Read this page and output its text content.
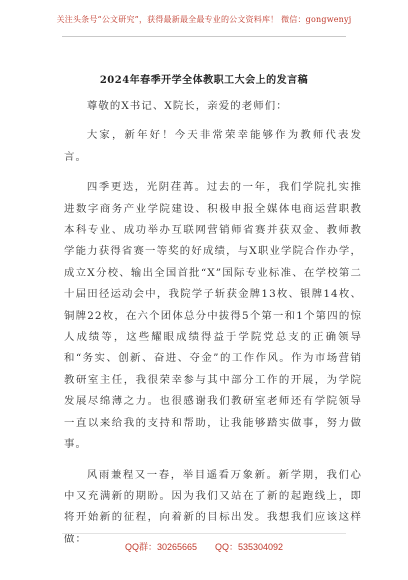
关注头条号“公文研究”，获得最新最全最专业的公文资料库！ 微信：gongwenyj
2024年春季开学全体教职工大会上的发言稿

尊敬的X书记、X院长，亲爱的老师们：

大家，新年好！今天非常荣幸能够作为教师代表发言。

四季更迭，光阴荏苒。过去的一年，我们学院扎实推进数字商务产业学院建设、积极申报全媒体电商运营职教本科专业、成功举办互联网营销师省赛并获双金、教师教学能力获得省赛一等奖的好成绩，与X职业学院合作办学，成立X分校、输出全国首批“X”国际专业标准、在学校第二十届田径运动会中，我院学子斩获金牌13枚、银牌14枚、铜牌22枚，在六个团体总分中拔得5个第一和1个第四的惊人成绩等，这些耀眼成绩得益于学院党总支的正确领导和“务实、创新、奋进、夺金”的工作作风。作为市场营销教研室主任，我很荣幸参与其中部分工作的开展，为学院发展尽绵薄之力。也很感谢我们教研室老师还有学院领导一直以来给我的支持和帮助，让我能够踏实做事，努力做事。

风雨兼程又一春，举目遥看万象新。新学期，我们心中又充满新的期盼。因为我们又站在了新的起跑线上，即将开始新的征程，向着新的目标出发。我想我们应该这样做：

QQ群：30265665 QQ：535304092
